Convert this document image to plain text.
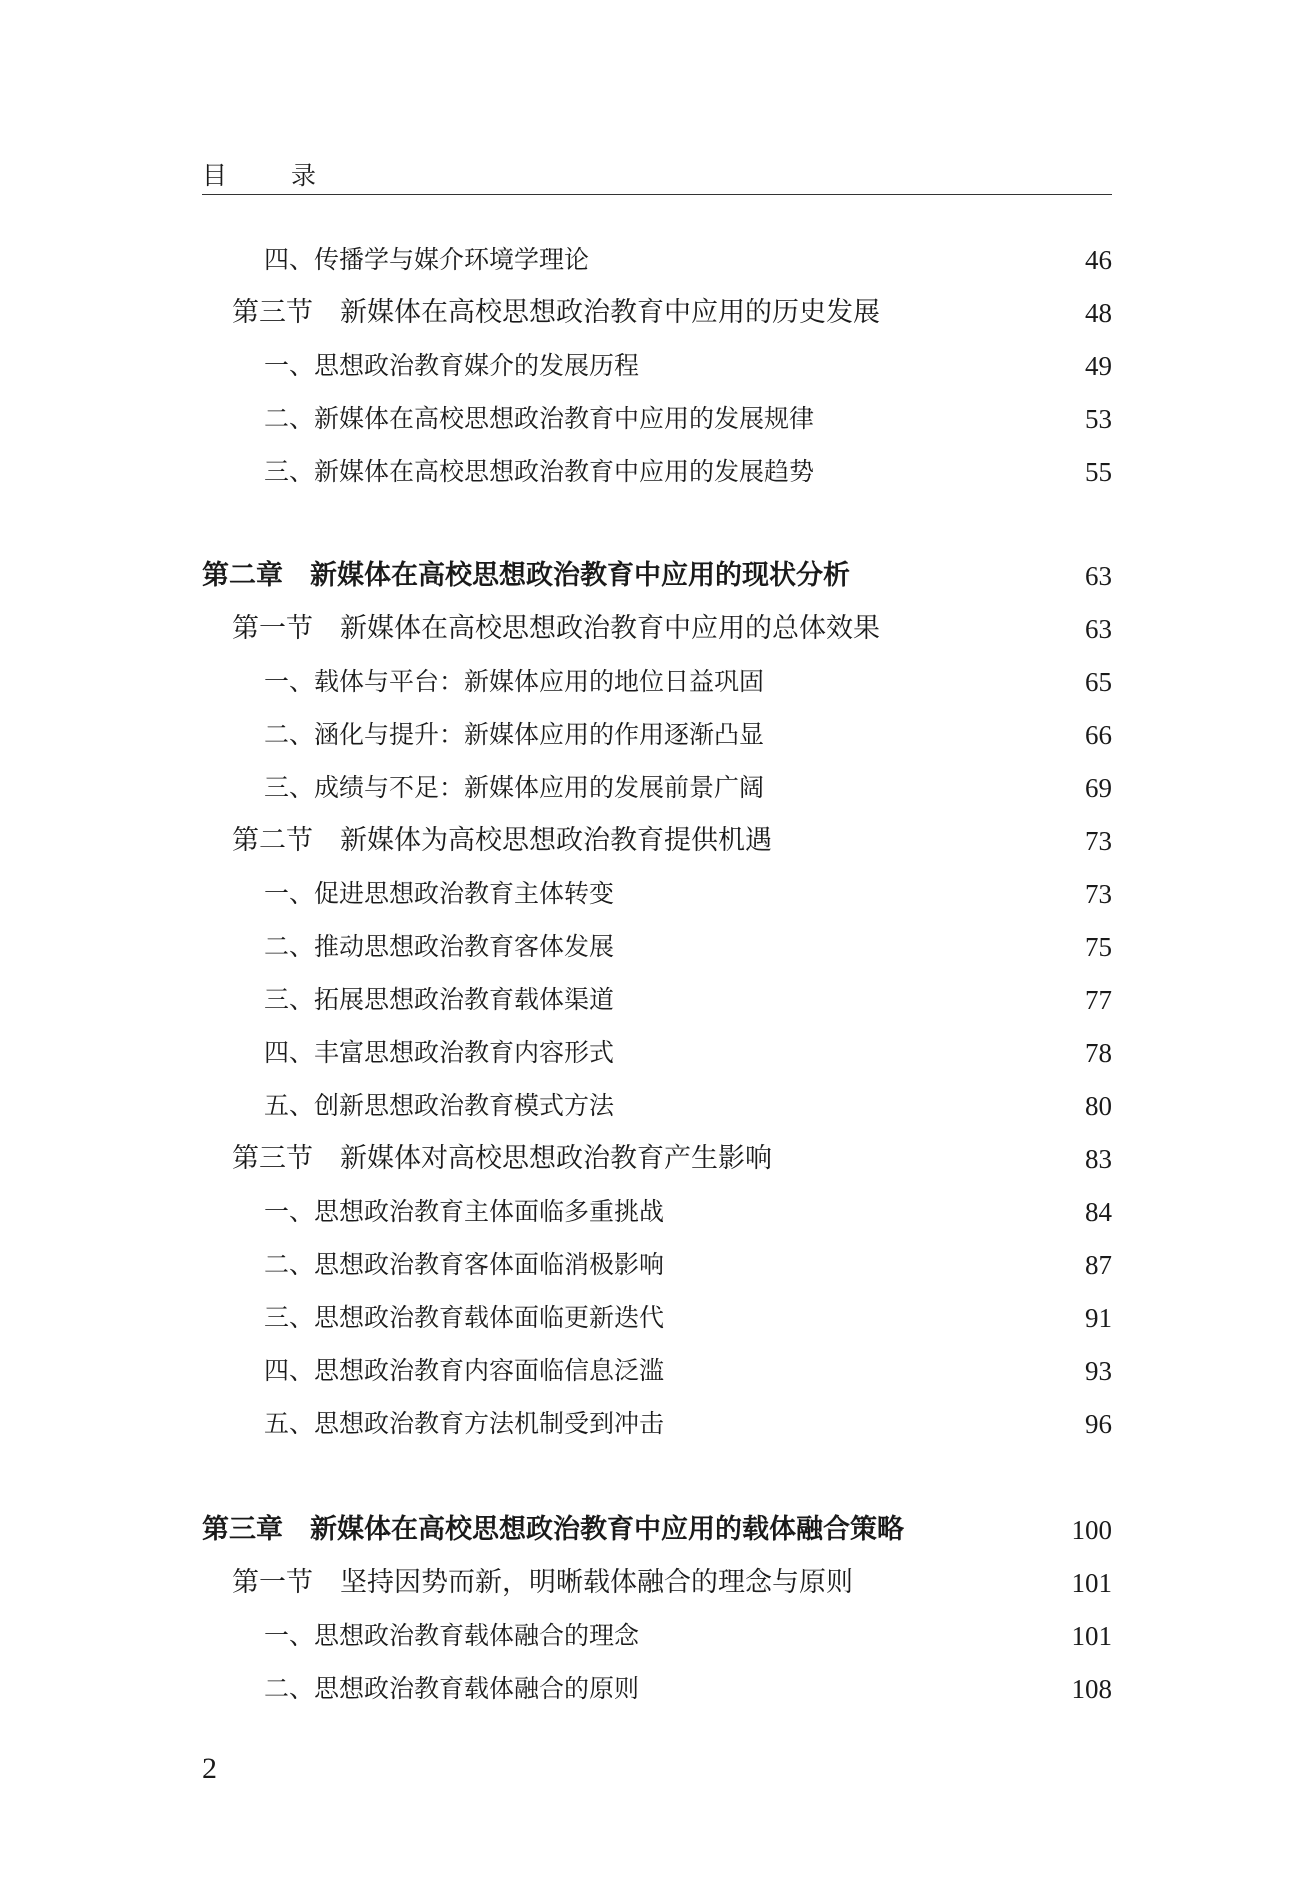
目 录
四、传播学与媒介环境学理论	46
第三节　新媒体在高校思想政治教育中应用的历史发展	48
一、思想政治教育媒介的发展历程	49
二、新媒体在高校思想政治教育中应用的发展规律	53
三、新媒体在高校思想政治教育中应用的发展趋势	55
第二章　新媒体在高校思想政治教育中应用的现状分析	63
第一节　新媒体在高校思想政治教育中应用的总体效果	63
一、载体与平台：新媒体应用的地位日益巩固	65
二、涵化与提升：新媒体应用的作用逐渐凸显	66
三、成绩与不足：新媒体应用的发展前景广阔	69
第二节　新媒体为高校思想政治教育提供机遇	73
一、促进思想政治教育主体转变	73
二、推动思想政治教育客体发展	75
三、拓展思想政治教育载体渠道	77
四、丰富思想政治教育内容形式	78
五、创新思想政治教育模式方法	80
第三节　新媒体对高校思想政治教育产生影响	83
一、思想政治教育主体面临多重挑战	84
二、思想政治教育客体面临消极影响	87
三、思想政治教育载体面临更新迭代	91
四、思想政治教育内容面临信息泛滥	93
五、思想政治教育方法机制受到冲击	96
第三章　新媒体在高校思想政治教育中应用的载体融合策略	100
第一节　坚持因势而新，明晰载体融合的理念与原则	101
一、思想政治教育载体融合的理念	101
二、思想政治教育载体融合的原则	108
2
